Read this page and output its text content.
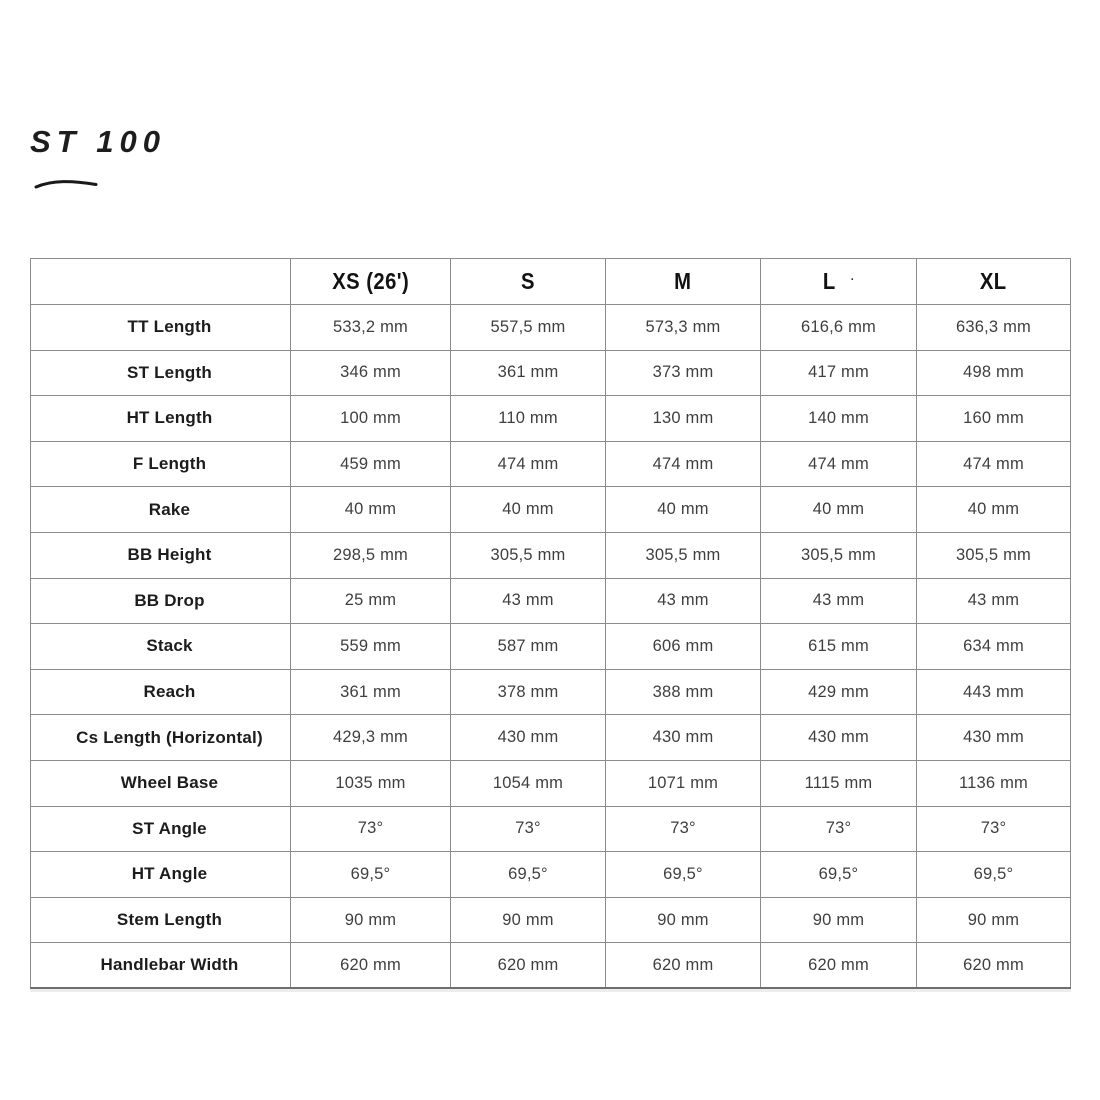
ST 100
	XS (26')	S	M	L ·	XL
TT Length	533,2 mm	557,5 mm	573,3 mm	616,6 mm	636,3 mm
ST Length	346 mm	361 mm	373 mm	417 mm	498 mm
HT Length	100 mm	110 mm	130 mm	140 mm	160 mm
F Length	459 mm	474 mm	474 mm	474 mm	474 mm
Rake	40 mm	40 mm	40 mm	40 mm	40 mm
BB Height	298,5 mm	305,5 mm	305,5 mm	305,5 mm	305,5 mm
BB Drop	25 mm	43 mm	43 mm	43 mm	43 mm
Stack	559 mm	587 mm	606 mm	615 mm	634 mm
Reach	361 mm	378 mm	388 mm	429 mm	443 mm
Cs Length (Horizontal)	429,3 mm	430 mm	430 mm	430 mm	430 mm
Wheel Base	1035 mm	1054 mm	1071 mm	1115 mm	1136 mm
ST Angle	73°	73°	73°	73°	73°
HT Angle	69,5°	69,5°	69,5°	69,5°	69,5°
Stem Length	90 mm	90 mm	90 mm	90 mm	90 mm
Handlebar Width	620 mm	620 mm	620 mm	620 mm	620 mm
